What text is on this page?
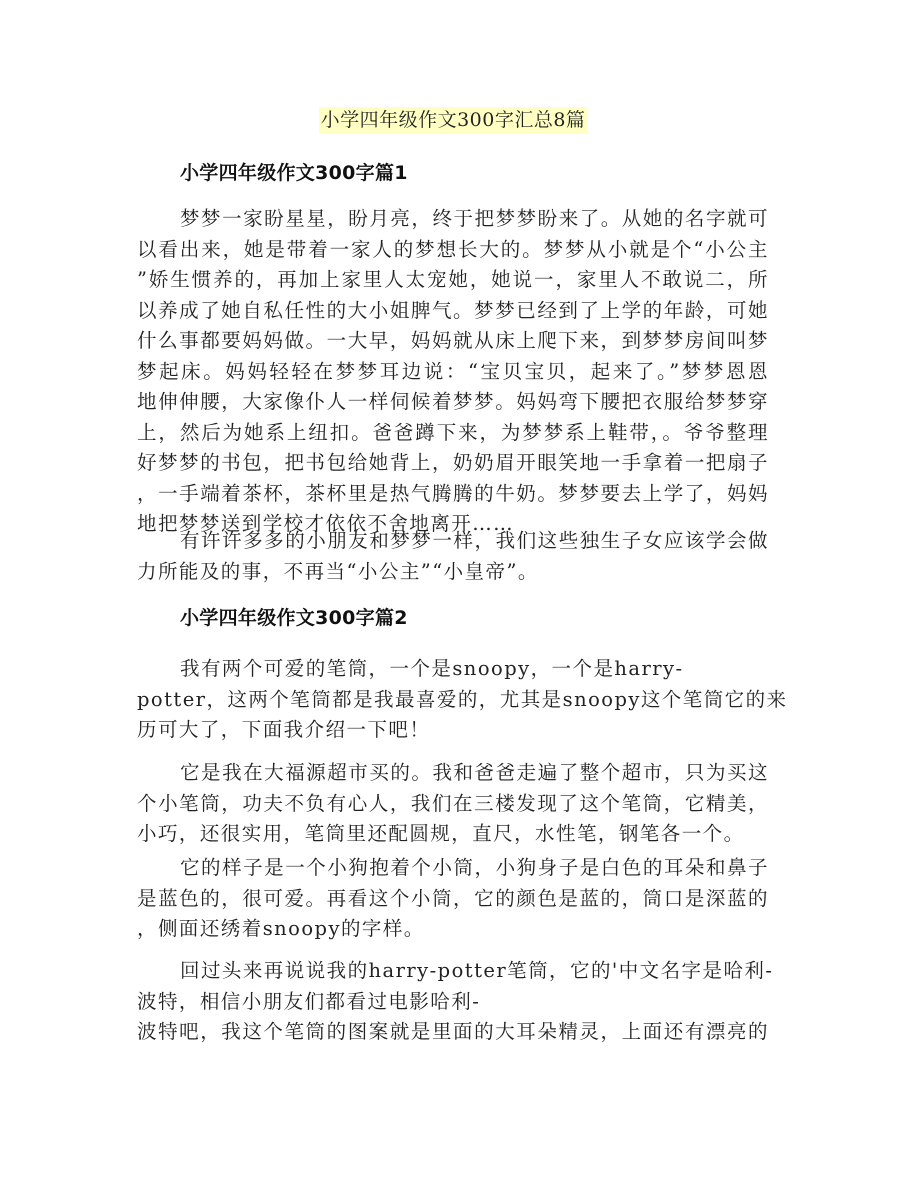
小学四年级作文300字汇总8篇
小学四年级作文300字篇1
梦梦一家盼星星，盼月亮，终于把梦梦盼来了。从她的名字就可
以看出来，她是带着一家人的梦想长大的。梦梦从小就是个“小公主
”娇生惯养的，再加上家里人太宠她，她说一，家里人不敢说二，所
以养成了她自私任性的大小姐脾气。梦梦已经到了上学的年龄，可她
什么事都要妈妈做。一大早，妈妈就从床上爬下来，到梦梦房间叫梦
梦起床。妈妈轻轻在梦梦耳边说：“宝贝宝贝，起来了。”梦梦恩恩
地伸伸腰，大家像仆人一样伺候着梦梦。妈妈弯下腰把衣服给梦梦穿
上，然后为她系上纽扣。爸爸蹲下来，为梦梦系上鞋带，。爷爷整理
好梦梦的书包，把书包给她背上，奶奶眉开眼笑地一手拿着一把扇子
，一手端着茶杯，茶杯里是热气腾腾的牛奶。梦梦要去上学了，妈妈
地把梦梦送到学校才依依不舍地离开……
有许许多多的小朋友和梦梦一样，我们这些独生子女应该学会做
力所能及的事，不再当“小公主”“小皇帝”。
小学四年级作文300字篇2
我有两个可爱的笔筒，一个是snoopy，一个是harry-
potter，这两个笔筒都是我最喜爱的，尤其是snoopy这个笔筒它的来
历可大了，下面我介绍一下吧！
它是我在大福源超市买的。我和爸爸走遍了整个超市，只为买这
个小笔筒，功夫不负有心人，我们在三楼发现了这个笔筒，它精美，
小巧，还很实用，笔筒里还配圆规，直尺，水性笔，钢笔各一个。
它的样子是一个小狗抱着个小筒，小狗身子是白色的耳朵和鼻子
是蓝色的，很可爱。再看这个小筒，它的颜色是蓝的，筒口是深蓝的
，侧面还绣着snoopy的字样。
回过头来再说说我的harry-potter笔筒，它的'中文名字是哈利-
波特，相信小朋友们都看过电影哈利-
波特吧，我这个笔筒的图案就是里面的大耳朵精灵，上面还有漂亮的
